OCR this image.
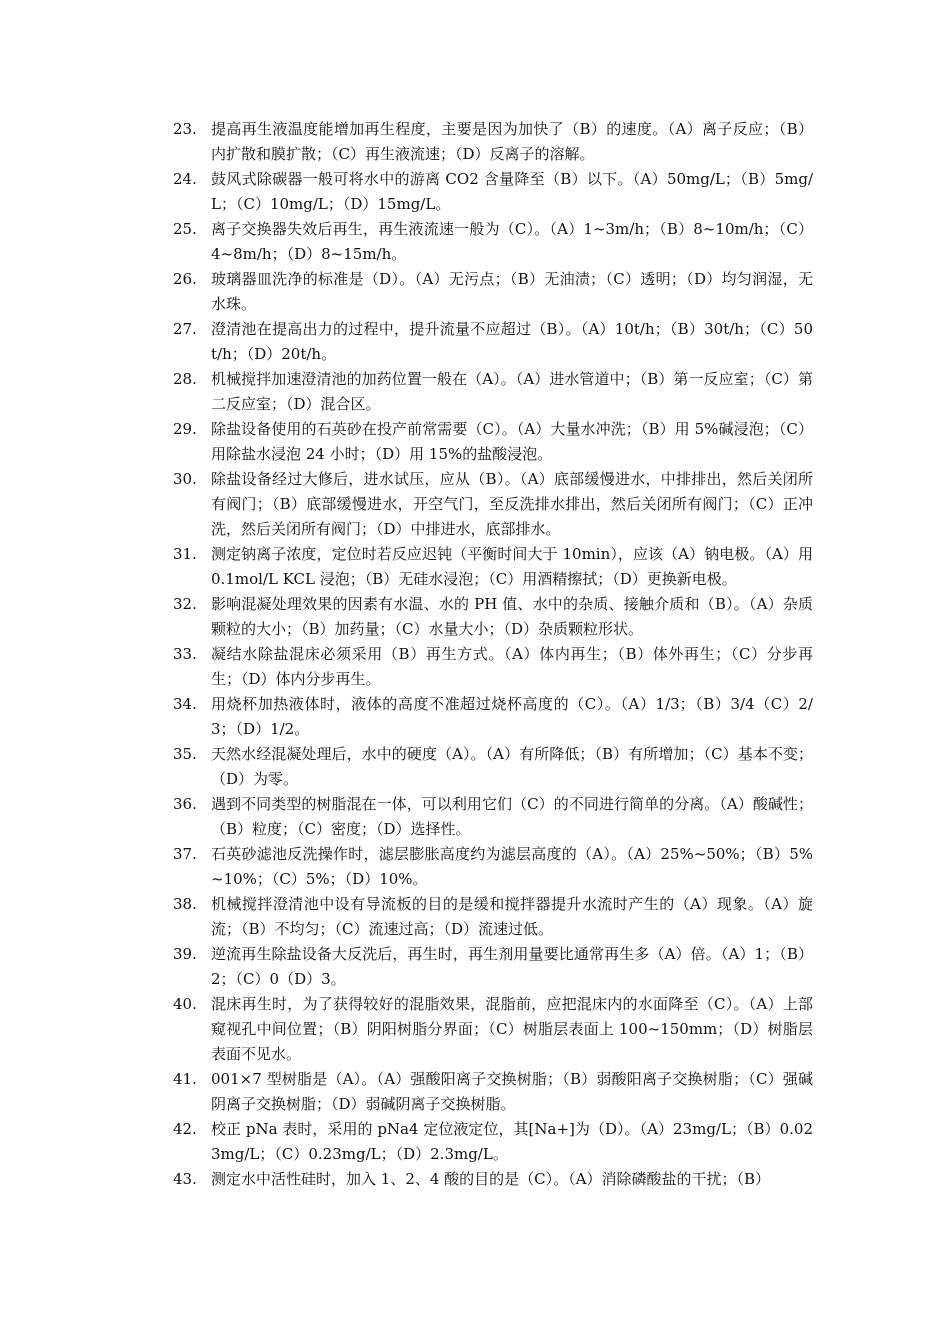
23. 提高再生液温度能增加再生程度，主要是因为加快了（B）的速度。（A）离子反应；（B）内扩散和膜扩散；（C）再生液流速；（D）反离子的溶解。
24. 鼓风式除碳器一般可将水中的游离 CO2 含量降至（B）以下。（A）50mg/L；（B）5mg/L；（C）10mg/L；（D）15mg/L。
25. 离子交换器失效后再生，再生液流速一般为（C）。（A）1~3m/h；（B）8~10m/h；（C）4~8m/h；（D）8~15m/h。
26. 玻璃器皿洗净的标准是（D）。（A）无污点；（B）无油渍；（C）透明；（D）均匀润湿，无水珠。
27. 澄清池在提高出力的过程中，提升流量不应超过（B）。（A）10t/h；（B）30t/h；（C）50t/h；（D）20t/h。
28. 机械搅拌加速澄清池的加药位置一般在（A）。（A）进水管道中；（B）第一反应室；（C）第二反应室；（D）混合区。
29. 除盐设备使用的石英砂在投产前常需要（C）。（A）大量水冲洗；（B）用 5%碱浸泡；（C）用除盐水浸泡 24 小时；（D）用 15%的盐酸浸泡。
30. 除盐设备经过大修后，进水试压，应从（B）。（A）底部缓慢进水，中排排出，然后关闭所有阀门；（B）底部缓慢进水，开空气门，至反洗排水排出，然后关闭所有阀门；（C）正冲洗，然后关闭所有阀门；（D）中排进水，底部排水。
31. 测定钠离子浓度，定位时若反应迟钝（平衡时间大于 10min），应该（A）钠电极。（A）用 0.1mol/L KCL 浸泡；（B）无硅水浸泡；（C）用酒精擦拭；（D）更换新电极。
32. 影响混凝处理效果的因素有水温、水的 PH 值、水中的杂质、接触介质和（B）。（A）杂质颗粒的大小；（B）加药量；（C）水量大小；（D）杂质颗粒形状。
33. 凝结水除盐混床必须采用（B）再生方式。（A）体内再生；（B）体外再生；（C）分步再生；（D）体内分步再生。
34. 用烧杯加热液体时，液体的高度不准超过烧杯高度的（C）。（A）1/3；（B）3/4（C）2/3；（D）1/2。
35. 天然水经混凝处理后，水中的硬度（A）。（A）有所降低；（B）有所增加；（C）基本不变；（D）为零。
36. 遇到不同类型的树脂混在一体，可以利用它们（C）的不同进行简单的分离。（A）酸碱性；（B）粒度；（C）密度；（D）选择性。
37. 石英砂滤池反洗操作时，滤层膨胀高度约为滤层高度的（A）。（A）25%~50%；（B）5%~10%；（C）5%；（D）10%。
38. 机械搅拌澄清池中设有导流板的目的是缓和搅拌器提升水流时产生的（A）现象。（A）旋流；（B）不均匀；（C）流速过高；（D）流速过低。
39. 逆流再生除盐设备大反洗后，再生时，再生剂用量要比通常再生多（A）倍。（A）1；（B）2；（C）0（D）3。
40. 混床再生时，为了获得较好的混脂效果，混脂前，应把混床内的水面降至（C）。（A）上部窥视孔中间位置；（B）阴阳树脂分界面；（C）树脂层表面上 100~150mm；（D）树脂层表面不见水。
41. 001×7 型树脂是（A）。（A）强酸阳离子交换树脂；（B）弱酸阳离子交换树脂；（C）强碱阴离子交换树脂；（D）弱碱阴离子交换树脂。
42. 校正 pNa 表时，采用的 pNa4 定位液定位，其[Na+]为（D）。（A）23mg/L；（B）0.023mg/L；（C）0.23mg/L；（D）2.3mg/L。
43. 测定水中活性硅时，加入 1、2、4 酸的目的是（C）。（A）消除磷酸盐的干扰；（B）
